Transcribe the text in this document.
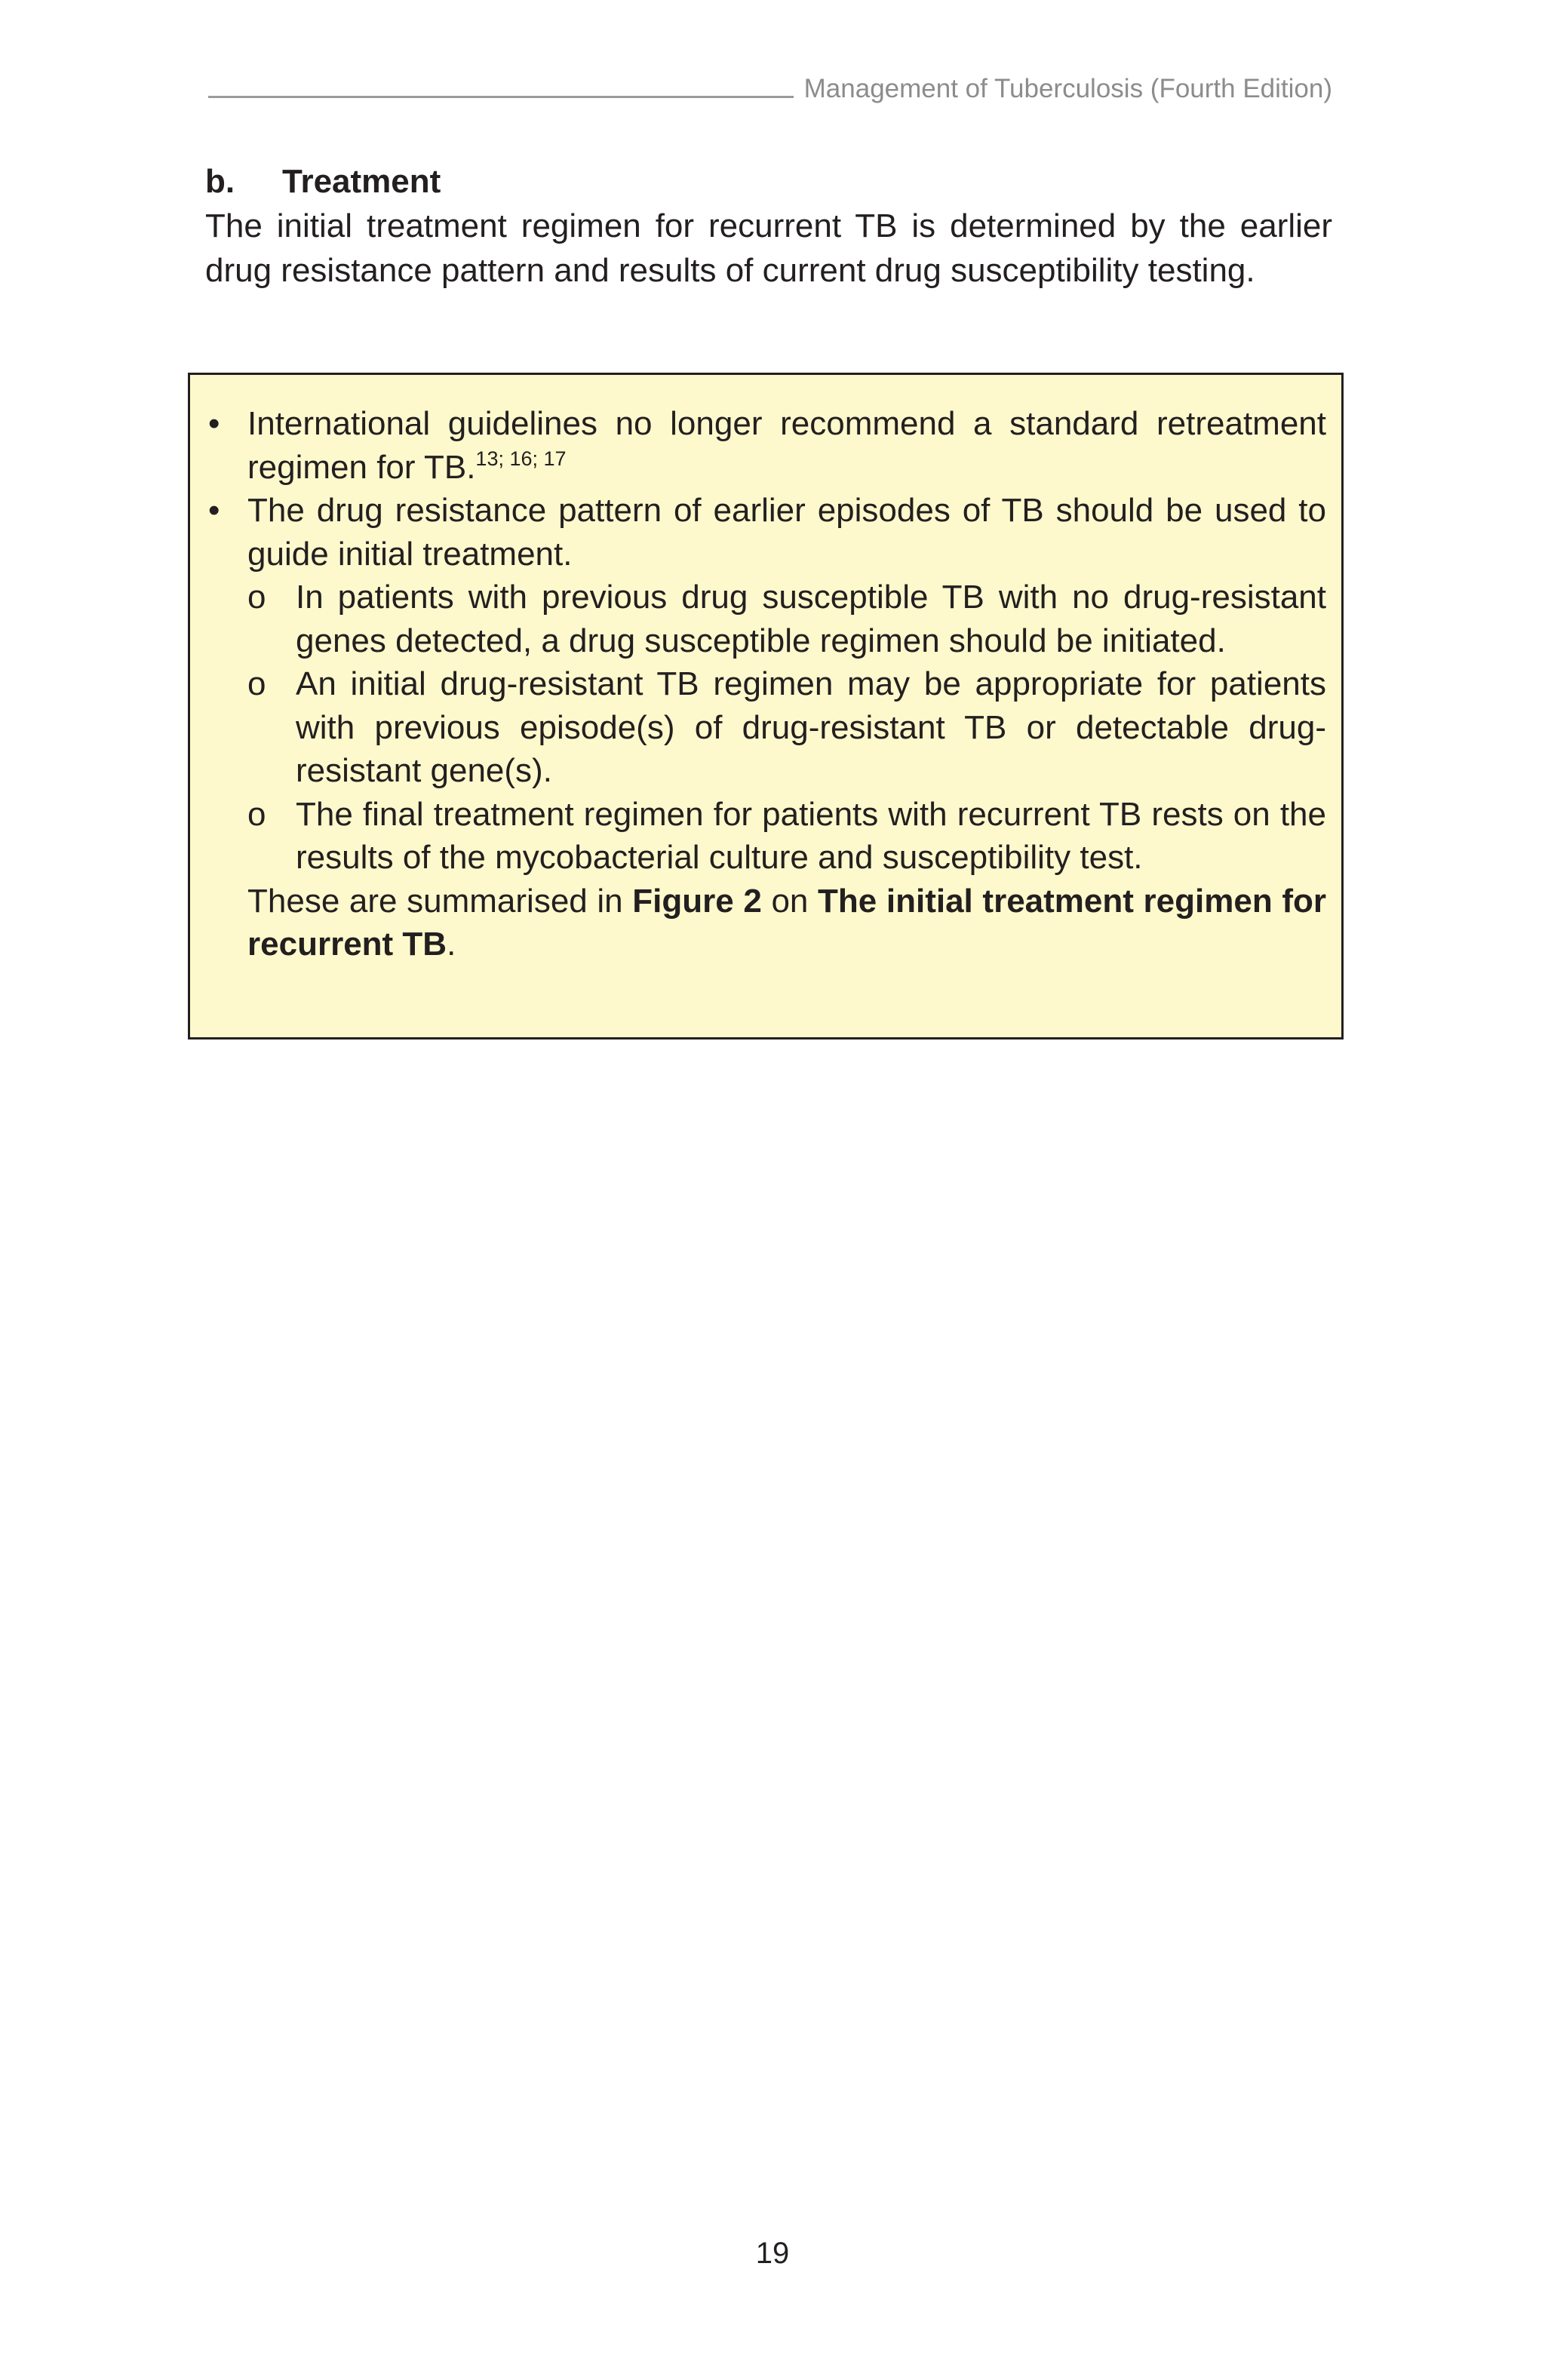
Management of Tuberculosis (Fourth Edition)
b.	Treatment

The initial treatment regimen for recurrent TB is determined by the earlier drug resistance pattern and results of current drug susceptibility testing.

• International guidelines no longer recommend a standard retreatment regimen for TB.$^{13; 16; 17}$
• The drug resistance pattern of earlier episodes of TB should be used to guide initial treatment.
o In patients with previous drug susceptible TB with no drug-resistant genes detected, a drug susceptible regimen should be initiated.
o An initial drug-resistant TB regimen may be appropriate for patients with previous episode(s) of drug-resistant TB or detectable drug-resistant gene(s).
o The final treatment regimen for patients with recurrent TB rests on the results of the mycobacterial culture and susceptibility test.
These are summarised in Figure 2 on The initial treatment regimen for recurrent TB.
19
